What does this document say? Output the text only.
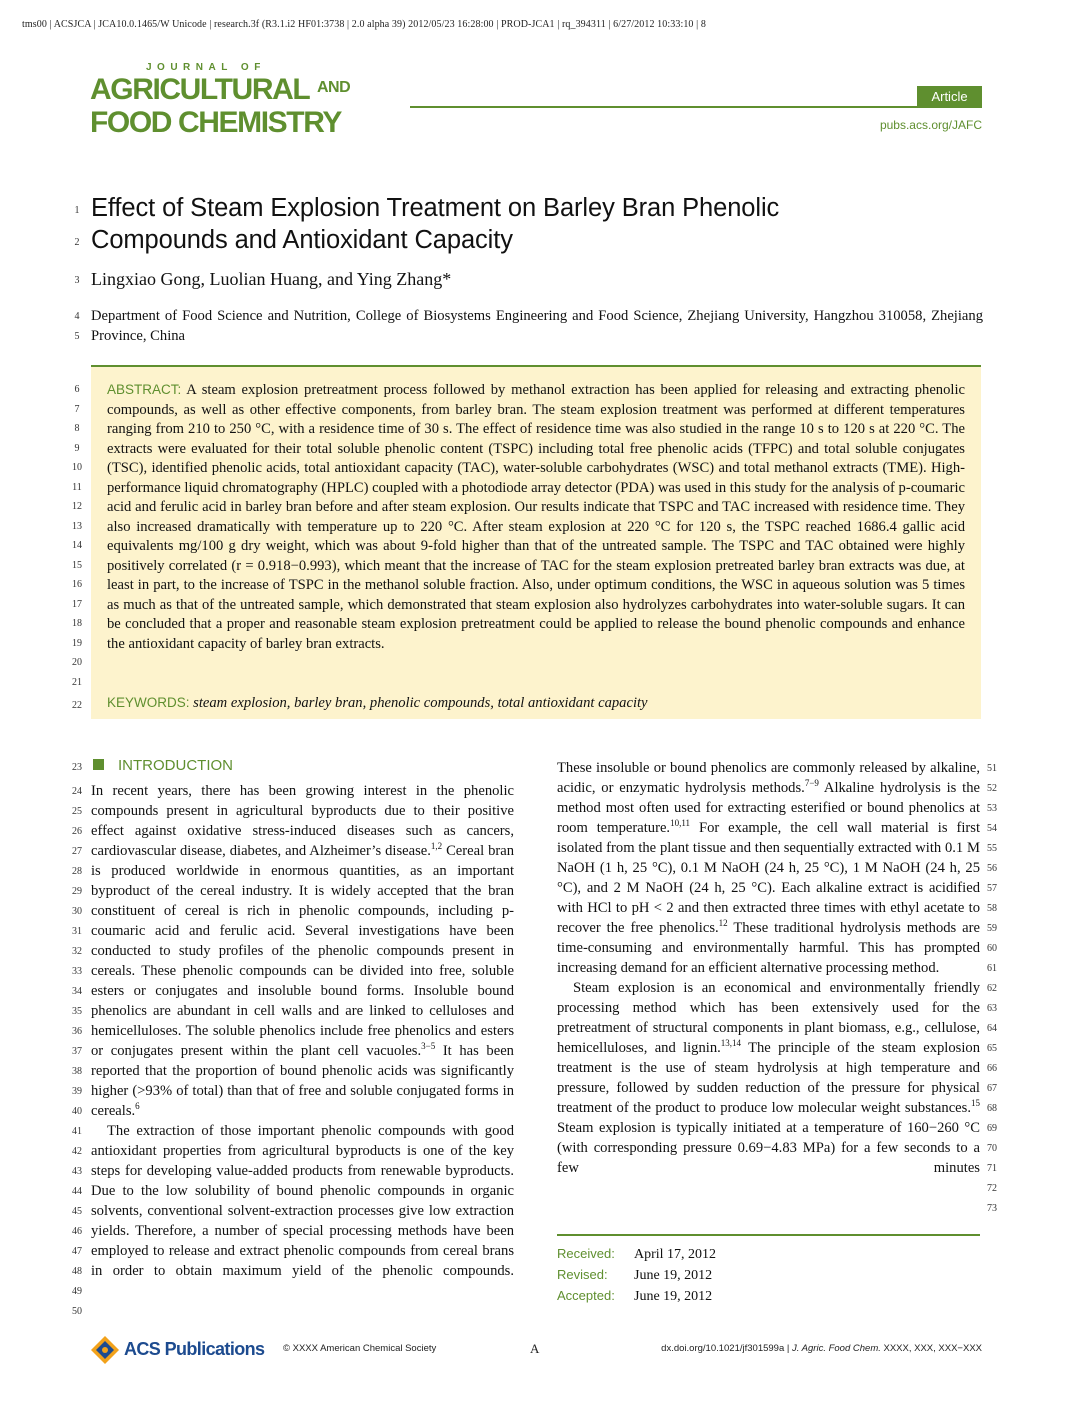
tms00 | ACSJCA | JCA10.0.1465/W Unicode | research.3f (R3.1.i2 HF01:3738 | 2.0 alpha 39) 2012/05/23 16:28:00 | PROD-JCA1 | rq_394311 | 6/27/2012 10:33:10 | 8
JOURNAL OF
AGRICULTURAL AND
FOOD CHEMISTRY
Article
pubs.acs.org/JAFC
1
2
Effect of Steam Explosion Treatment on Barley Bran Phenolic
Compounds and Antioxidant Capacity
3 Lingxiao Gong, Luolian Huang, and Ying Zhang*
4
5
Department of Food Science and Nutrition, College of Biosystems Engineering and Food Science, Zhejiang University, Hangzhou 310058, Zhejiang Province, China
6
7
8
9
10
11
12
13
14
15
16
17
18
19
20
21
ABSTRACT: A steam explosion pretreatment process followed by methanol extraction has been applied for releasing and extracting phenolic compounds, as well as other effective components, from barley bran. The steam explosion treatment was performed at different temperatures ranging from 210 to 250 °C, with a residence time of 30 s. The effect of residence time was also studied in the range 10 s to 120 s at 220 °C. The extracts were evaluated for their total soluble phenolic content (TSPC) including total free phenolic acids (TFPC) and total soluble conjugates (TSC), identified phenolic acids, total antioxidant capacity (TAC), water-soluble carbohydrates (WSC) and total methanol extracts (TME). High-performance liquid chromatography (HPLC) coupled with a photodiode array detector (PDA) was used in this study for the analysis of p-coumaric acid and ferulic acid in barley bran before and after steam explosion. Our results indicate that TSPC and TAC increased with residence time. They also increased dramatically with temperature up to 220 °C. After steam explosion at 220 °C for 120 s, the TSPC reached 1686.4 gallic acid equivalents mg/100 g dry weight, which was about 9-fold higher than that of the untreated sample. The TSPC and TAC obtained were highly positively correlated (r = 0.918−0.993), which meant that the increase of TAC for the steam explosion pretreated barley bran extracts was due, at least in part, to the increase of TSPC in the methanol soluble fraction. Also, under optimum conditions, the WSC in aqueous solution was 5 times as much as that of the untreated sample, which demonstrated that steam explosion also hydrolyzes carbohydrates into water-soluble sugars. It can be concluded that a proper and reasonable steam explosion pretreatment could be applied to release the bound phenolic compounds and enhance the antioxidant capacity of barley bran extracts.
22 KEYWORDS: steam explosion, barley bran, phenolic compounds, total antioxidant capacity
23	INTRODUCTION
24
25
26
27
28
29
30
31
32
33
34
35
36
37
38
39
40
41
42
43
44
45
46
47
48
49
50

In recent years, there has been growing interest in the phenolic compounds present in agricultural byproducts due to their positive effect against oxidative stress-induced diseases such as cancers, cardiovascular disease, diabetes, and Alzheimer’s disease.$^{1,2}$ Cereal bran is produced worldwide in enormous quantities, as an important byproduct of the cereal industry. It is widely accepted that the bran constituent of cereal is rich in phenolic compounds, including p-coumaric acid and ferulic acid. Several investigations have been conducted to study profiles of the phenolic compounds present in cereals. These phenolic compounds can be divided into free, soluble esters or conjugates and insoluble bound forms. Insoluble bound phenolics are abundant in cell walls and are linked to celluloses and hemicelluloses. The soluble phenolics include free phenolics and esters or conjugates present within the plant cell vacuoles.$^{3-5}$ It has been reported that the proportion of bound phenolic acids was significantly higher (>93% of total) than that of free and soluble conjugated forms in cereals.$^6$

The extraction of those important phenolic compounds with good antioxidant properties from agricultural byproducts is one of the key steps for developing value-added products from renewable byproducts. Due to the low solubility of bound phenolic compounds in organic solvents, conventional solvent-extraction processes give low extraction yields. Therefore, a number of special processing methods have been employed to release and extract phenolic compounds from cereal brans in order to obtain maximum yield of the phenolic compounds.

51
52
53
54
55
56
57
58
59
60
61
62
63
64
65
66
67
68
69
70
71
72
73

These insoluble or bound phenolics are commonly released by alkaline, acidic, or enzymatic hydrolysis methods.$^{7-9}$ Alkaline hydrolysis is the method most often used for extracting esterified or bound phenolics at room temperature.$^{10,11}$ For example, the cell wall material is first isolated from the plant tissue and then sequentially extracted with 0.1 M NaOH (1 h, 25 °C), 0.1 M NaOH (24 h, 25 °C), 1 M NaOH (24 h, 25 °C), and 2 M NaOH (24 h, 25 °C). Each alkaline extract is acidified with HCl to pH < 2 and then extracted three times with ethyl acetate to recover the free phenolics.$^{12}$ These traditional hydrolysis methods are time-consuming and environmentally harmful. This has prompted increasing demand for an efficient alternative processing method.

Steam explosion is an economical and environmentally friendly processing method which has been extensively used for the pretreatment of structural components in plant biomass, e.g., cellulose, hemicelluloses, and lignin.$^{13,14}$ The principle of the steam explosion treatment is the use of steam hydrolysis at high temperature and pressure, followed by sudden reduction of the pressure for physical treatment of the product to produce low molecular weight substances.$^{15}$ Steam explosion is typically initiated at a temperature of 160−260 °C (with corresponding pressure 0.69−4.83 MPa) for a few seconds to a few minutes

Received: April 17, 2012
Revised: June 19, 2012
Accepted: June 19, 2012
ACS Publications © XXXX American Chemical Society	A	dx.doi.org/10.1021/jf301599a | J. Agric. Food Chem. XXXX, XXX, XXX−XXX
